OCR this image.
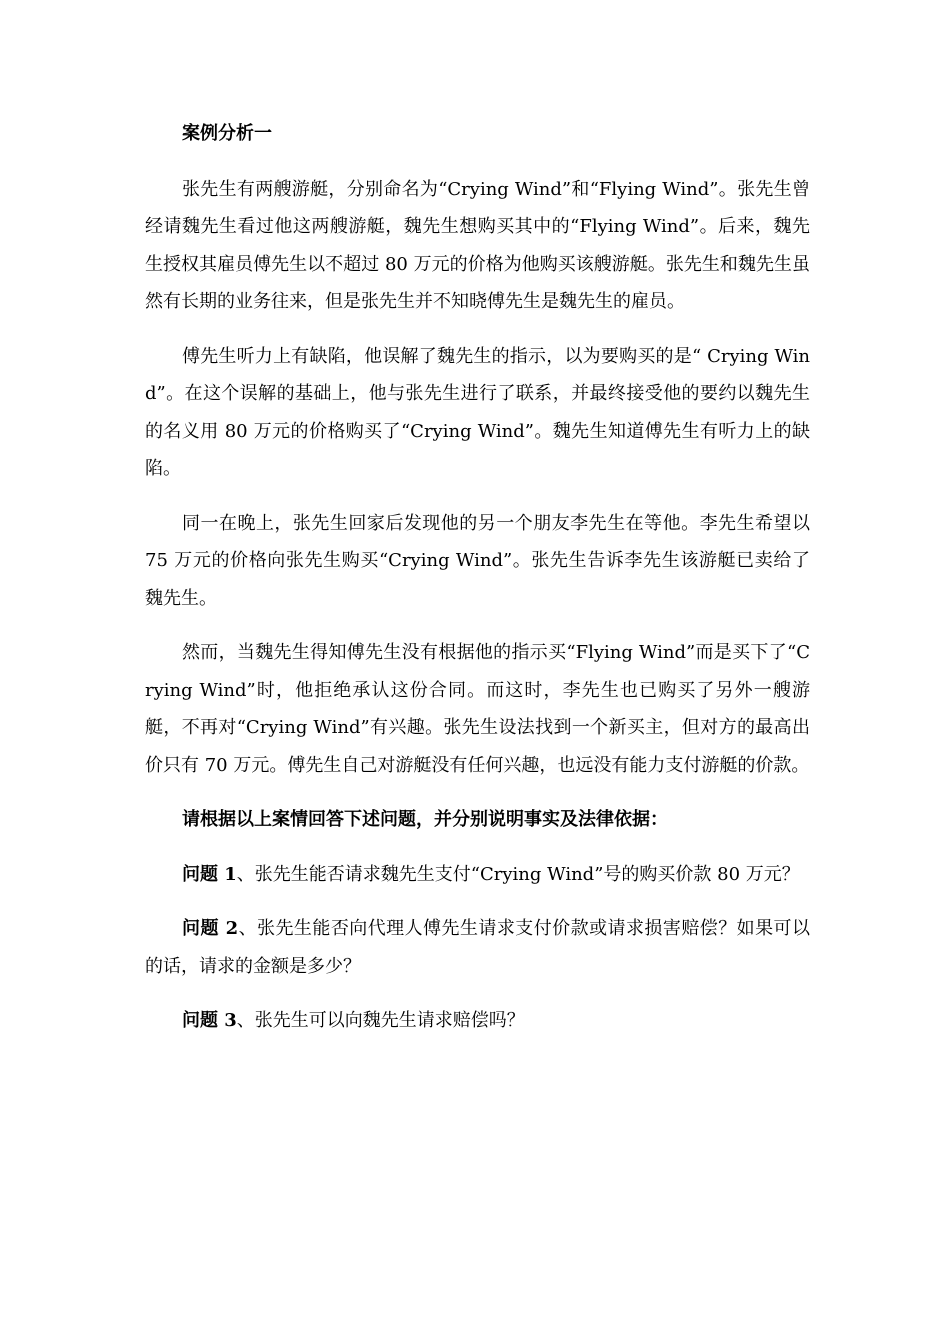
案例分析一

张先生有两艘游艇，分别命名为“Crying Wind”和“Flying Wind”。张先生曾经请魏先生看过他这两艘游艇，魏先生想购买其中的“Flying Wind”。后来，魏先生授权其雇员傅先生以不超过 80 万元的价格为他购买该艘游艇。张先生和魏先生虽然有长期的业务往来，但是张先生并不知晓傅先生是魏先生的雇员。

傅先生听力上有缺陷，他误解了魏先生的指示，以为要购买的是“ Crying Wind”。在这个误解的基础上，他与张先生进行了联系，并最终接受他的要约以魏先生的名义用 80 万元的价格购买了“Crying Wind”。魏先生知道傅先生有听力上的缺陷。

同一在晚上，张先生回家后发现他的另一个朋友李先生在等他。李先生希望以 75 万元的价格向张先生购买“Crying Wind”。张先生告诉李先生该游艇已卖给了魏先生。

然而，当魏先生得知傅先生没有根据他的指示买“Flying Wind”而是买下了“Crying Wind”时，他拒绝承认这份合同。而这时，李先生也已购买了另外一艘游艇，不再对“Crying Wind”有兴趣。张先生设法找到一个新买主，但对方的最高出价只有 70 万元。傅先生自己对游艇没有任何兴趣，也远没有能力支付游艇的价款。

请根据以上案情回答下述问题，并分别说明事实及法律依据：

问题 1、张先生能否请求魏先生支付“Crying Wind”号的购买价款 80 万元？

问题 2、张先生能否向代理人傅先生请求支付价款或请求损害赔偿？如果可以的话，请求的金额是多少？

问题 3、张先生可以向魏先生请求赔偿吗？
